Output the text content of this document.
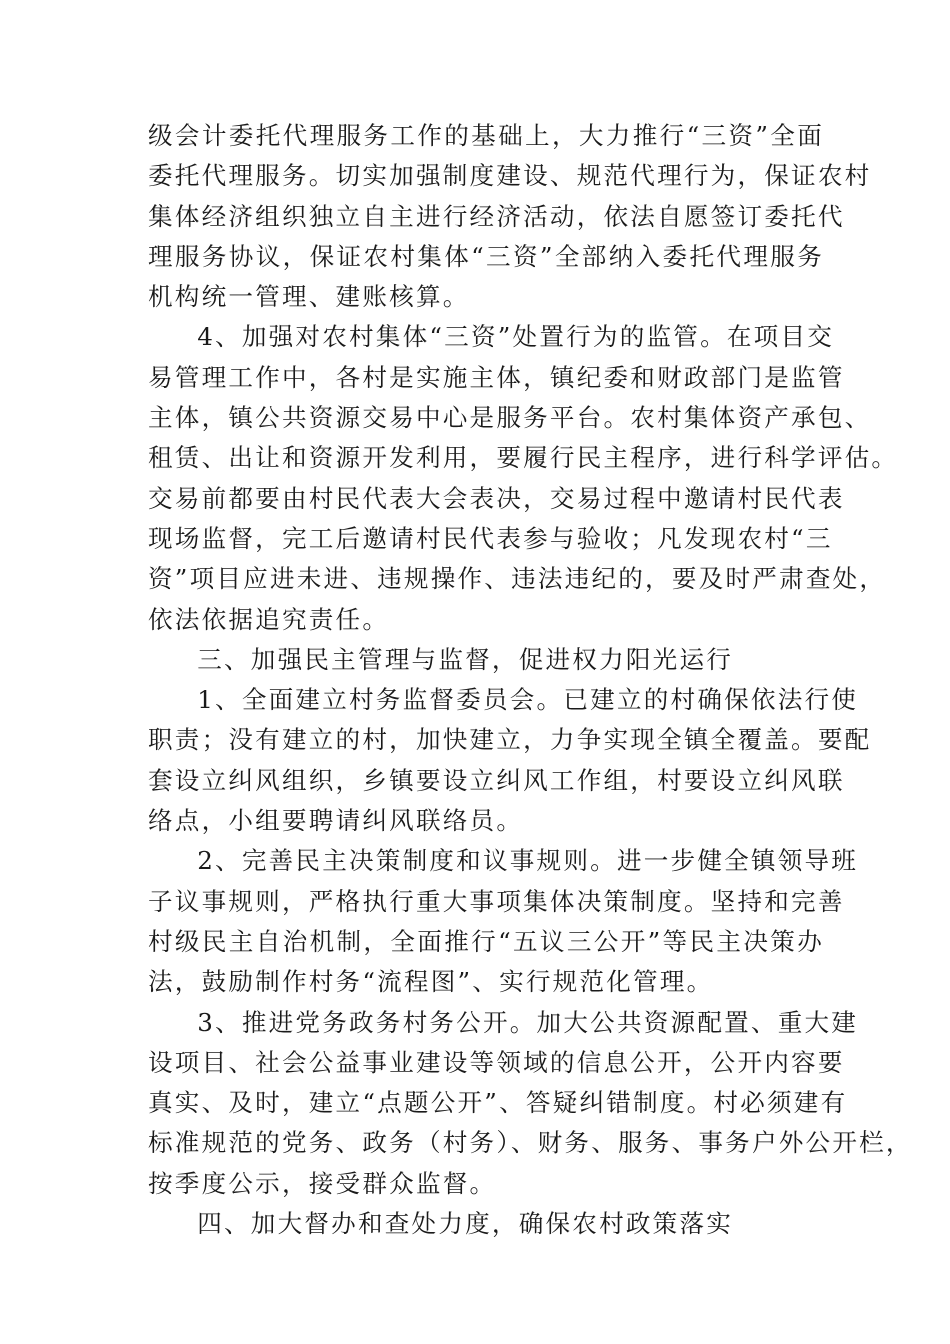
级会计委托代理服务工作的基础上，大力推行“三资”全面
委托代理服务。切实加强制度建设、规范代理行为，保证农村
集体经济组织独立自主进行经济活动，依法自愿签订委托代
理服务协议，保证农村集体“三资”全部纳入委托代理服务
机构统一管理、建账核算。
4、加强对农村集体“三资”处置行为的监管。在项目交
易管理工作中，各村是实施主体，镇纪委和财政部门是监管
主体，镇公共资源交易中心是服务平台。农村集体资产承包、
租赁、出让和资源开发利用，要履行民主程序，进行科学评估。
交易前都要由村民代表大会表决，交易过程中邀请村民代表
现场监督，完工后邀请村民代表参与验收；凡发现农村“三
资”项目应进未进、违规操作、违法违纪的，要及时严肃查处，
依法依据追究责任。
三、加强民主管理与监督，促进权力阳光运行
1、全面建立村务监督委员会。已建立的村确保依法行使
职责；没有建立的村，加快建立，力争实现全镇全覆盖。要配
套设立纠风组织，乡镇要设立纠风工作组，村要设立纠风联
络点，小组要聘请纠风联络员。
2、完善民主决策制度和议事规则。进一步健全镇领导班
子议事规则，严格执行重大事项集体决策制度。坚持和完善
村级民主自治机制，全面推行“五议三公开”等民主决策办
法，鼓励制作村务“流程图”、实行规范化管理。
3、推进党务政务村务公开。加大公共资源配置、重大建
设项目、社会公益事业建设等领域的信息公开，公开内容要
真实、及时，建立“点题公开”、答疑纠错制度。村必须建有
标准规范的党务、政务（村务）、财务、服务、事务户外公开栏，
按季度公示，接受群众监督。
四、加大督办和查处力度，确保农村政策落实
